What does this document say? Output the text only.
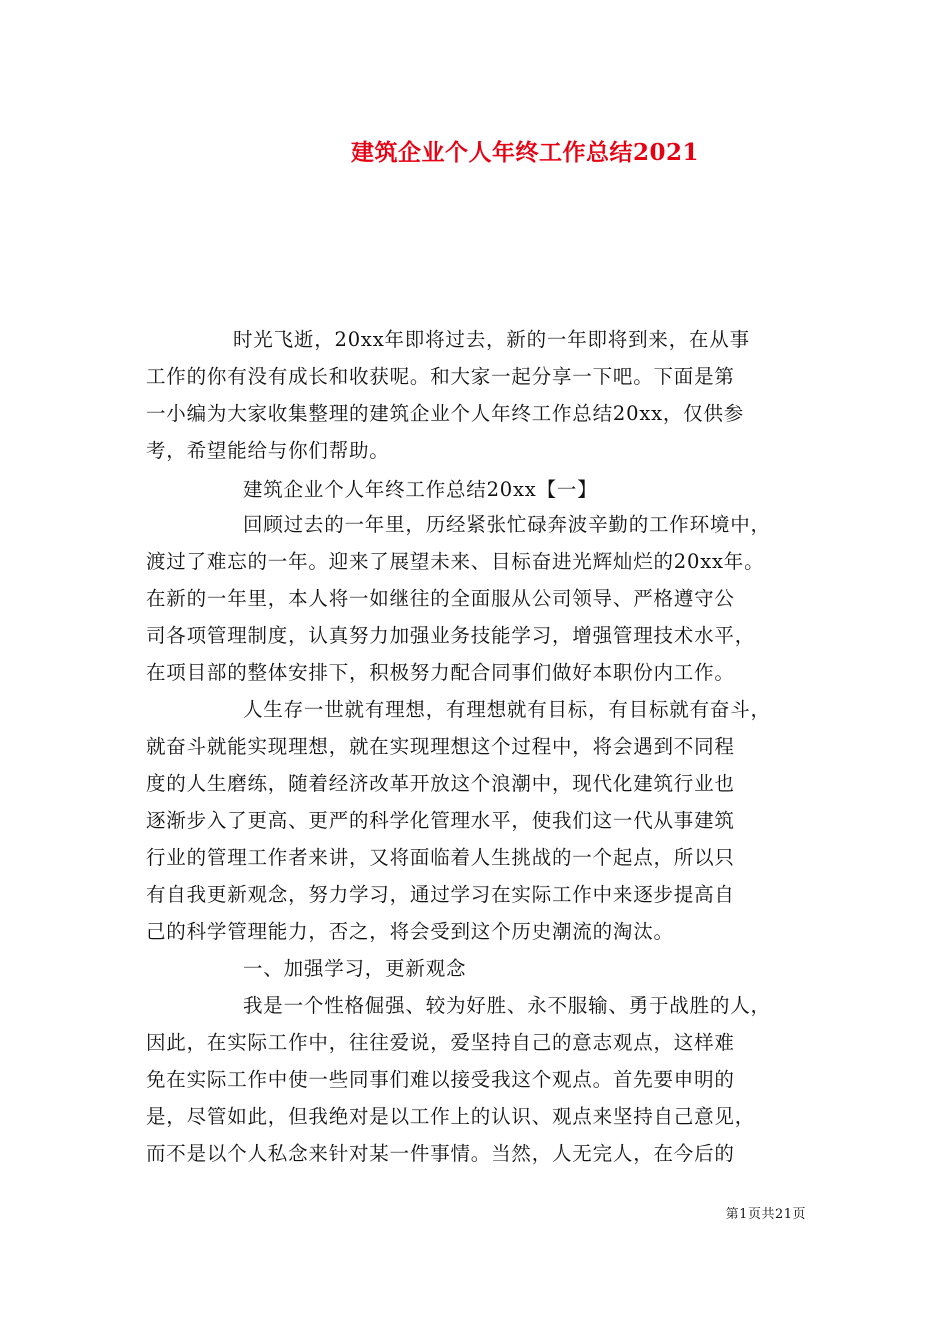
建筑企业个人年终工作总结2021
时光飞逝，20xx年即将过去，新的一年即将到来，在从事
工作的你有没有成长和收获呢。和大家一起分享一下吧。下面是第
一小编为大家收集整理的建筑企业个人年终工作总结20xx，仅供参
考，希望能给与你们帮助。
建筑企业个人年终工作总结20xx【一】
回顾过去的一年里，历经紧张忙碌奔波辛勤的工作环境中，
渡过了难忘的一年。迎来了展望未来、目标奋进光辉灿烂的20xx年。
在新的一年里，本人将一如继往的全面服从公司领导、严格遵守公
司各项管理制度，认真努力加强业务技能学习，增强管理技术水平，
在项目部的整体安排下，积极努力配合同事们做好本职份内工作。
人生存一世就有理想，有理想就有目标，有目标就有奋斗，
就奋斗就能实现理想，就在实现理想这个过程中，将会遇到不同程
度的人生磨练，随着经济改革开放这个浪潮中，现代化建筑行业也
逐渐步入了更高、更严的科学化管理水平，使我们这一代从事建筑
行业的管理工作者来讲，又将面临着人生挑战的一个起点，所以只
有自我更新观念，努力学习，通过学习在实际工作中来逐步提高自
己的科学管理能力，否之，将会受到这个历史潮流的淘汰。
一、加强学习，更新观念
我是一个性格倔强、较为好胜、永不服输、勇于战胜的人，
因此，在实际工作中，往往爱说，爱坚持自己的意志观点，这样难
免在实际工作中使一些同事们难以接受我这个观点。首先要申明的
是，尽管如此，但我绝对是以工作上的认识、观点来坚持自己意见，
而不是以个人私念来针对某一件事情。当然，人无完人，在今后的
第1页共21页
